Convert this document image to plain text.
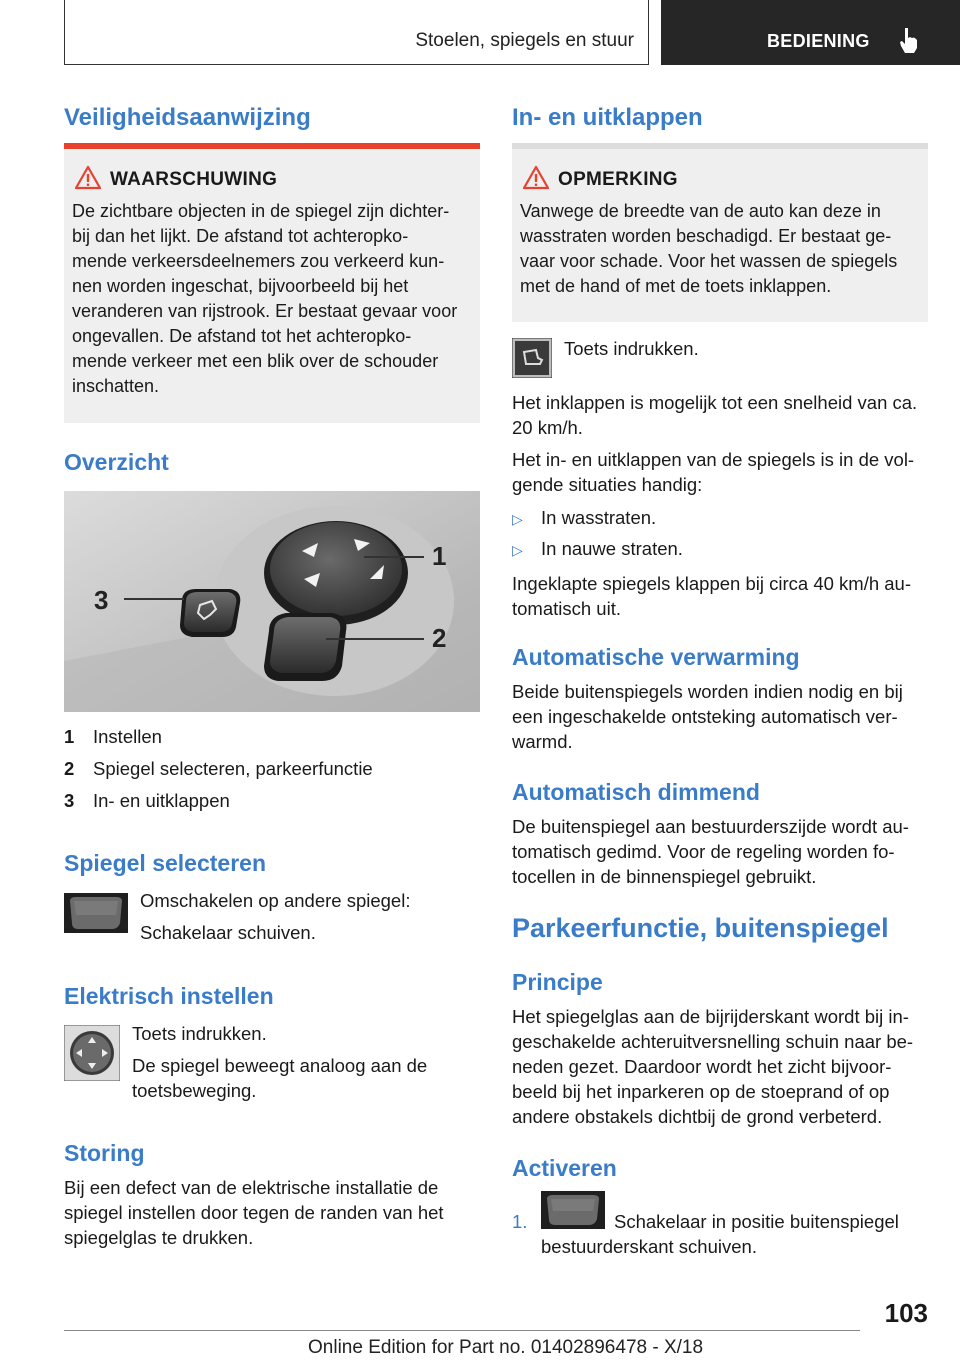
Stoelen, spiegels en stuur	BEDIENING
Veiligheidsaanwijzing
WAARSCHUWING
De zichtbare objecten in de spiegel zijn dichter-
bij dan het lijkt. De afstand tot achteropko-
mende verkeersdeelnemers zou verkeerd kun-
nen worden ingeschat, bijvoorbeeld bij het
veranderen van rijstrook. Er bestaat gevaar voor
ongevallen. De afstand tot het achteropko-
mende verkeer met een blik over de schouder
inschatten.
Overzicht
1
3
2
1 Instellen
2 Spiegel selecteren, parkeerfunctie
3 In- en uitklappen
Spiegel selecteren
Omschakelen op andere spiegel:
Schakelaar schuiven.
Elektrisch instellen
Toets indrukken.
De spiegel beweegt analoog aan de
toetsbeweging.
Storing
Bij een defect van de elektrische installatie de
spiegel instellen door tegen de randen van het
spiegelglas te drukken.
In- en uitklappen
OPMERKING
Vanwege de breedte van de auto kan deze in
wasstraten worden beschadigd. Er bestaat ge-
vaar voor schade. Voor het wassen de spiegels
met de hand of met de toets inklappen.
Toets indrukken.
Het inklappen is mogelijk tot een snelheid van ca.
20 km/h.
Het in- en uitklappen van de spiegels is in de vol-
gende situaties handig:
▷ In wasstraten.
▷ In nauwe straten.
Ingeklapte spiegels klappen bij circa 40 km/h au-
tomatisch uit.
Automatische verwarming
Beide buitenspiegels worden indien nodig en bij
een ingeschakelde ontsteking automatisch ver-
warmd.
Automatisch dimmend
De buitenspiegel aan bestuurderszijde wordt au-
tomatisch gedimd. Voor de regeling worden fo-
tocellen in de binnenspiegel gebruikt.
Parkeerfunctie, buitenspiegel
Principe
Het spiegelglas aan de bijrijderskant wordt bij in-
geschakelde achteruitversnelling schuin naar be-
neden gezet. Daardoor wordt het zicht bijvoor-
beeld bij het inparkeren op de stoeprand of op
andere obstakels dichtbij de grond verbeterd.
Activeren
1.	Schakelaar in positie buitenspiegel
bestuurderskant schuiven.
103
Online Edition for Part no. 01402896478 - X/18
